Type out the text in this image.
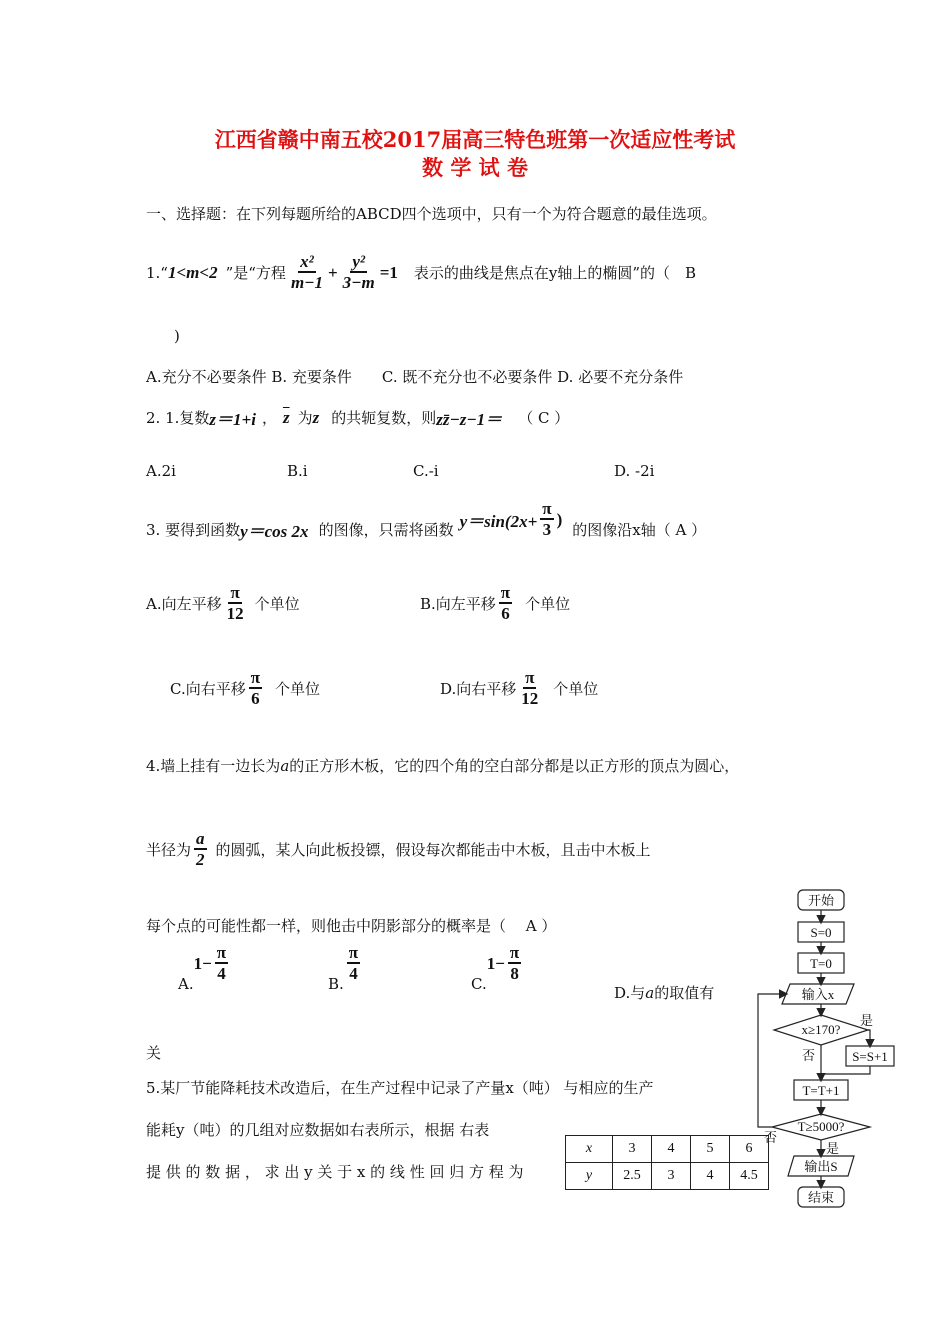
江西省赣中南五校2017届高三特色班第一次适应性考试
数 学 试 卷
一、选择题：在下列每题所给的ABCD四个选项中，只有一个为符合题意的最佳选项。
1.“ 1<m<2 ”是“方程 $\frac{\text{x²}}{m-1} + \frac{\text{y²}}{3-m} =1$ 表示的曲线是焦点在y轴上的椭圆”的（　B
)
A.充分不必要条件 B. 充要条件　　C. 既不充分也不必要条件 D. 必要不充分条件
2. 1.复数 z＝1+i ， $\overline{z}$ 为 z 的共轭复数，则 zz̄−z−1＝ （ C ）
A.2i	B.i	C.-i	D. -2i
3. 要得到函数 y＝cos 2x 的图像，只需将函数 $y=\sin(2x+ \frac{\pi}{3}$ )
的图像沿x轴（ A ）
A.向左平移 $\frac{\pi}{12}$ 个单位	B.向左平移 $\frac{\pi}{6}$ 个单位
C.向右平移 $\frac{\pi}{6}$ 个单位	D.向右平移 $\frac{\pi}{12}$ 个单位
4.墙上挂有一边长为a的正方形木板，它的四个角的空白部分都是以正方形的顶点为圆心，
半径为 $\frac{a}{2}$ 的圆弧，某人向此板投镖，假设每次都能击中木板，且击中木板上
每个点的可能性都一样，则他击中阴影部分的概率是（　 A ）
A.
$1- \frac{\pi}{4}$
B.
$\frac{\pi}{4}$
C.
$1- \frac{\pi}{8}$
D.与a的取值有
关
5.某厂节能降耗技术改造后，在生产过程中记录了产量x（吨） 与相应的生产
能耗y（吨）的几组对应数据如右表所示，根据 右表
提 供 的 数 据 ， 求 出 y 关 于 x 的 线 性 回 归 方 程 为
x	3	4	5	6
y	2.5	3	4	4.5
开始
S=0
T=0
输入x
x≥170?
是
否	S=S+1
T=T+1
T≥5000?
是
否
输出S
结束
